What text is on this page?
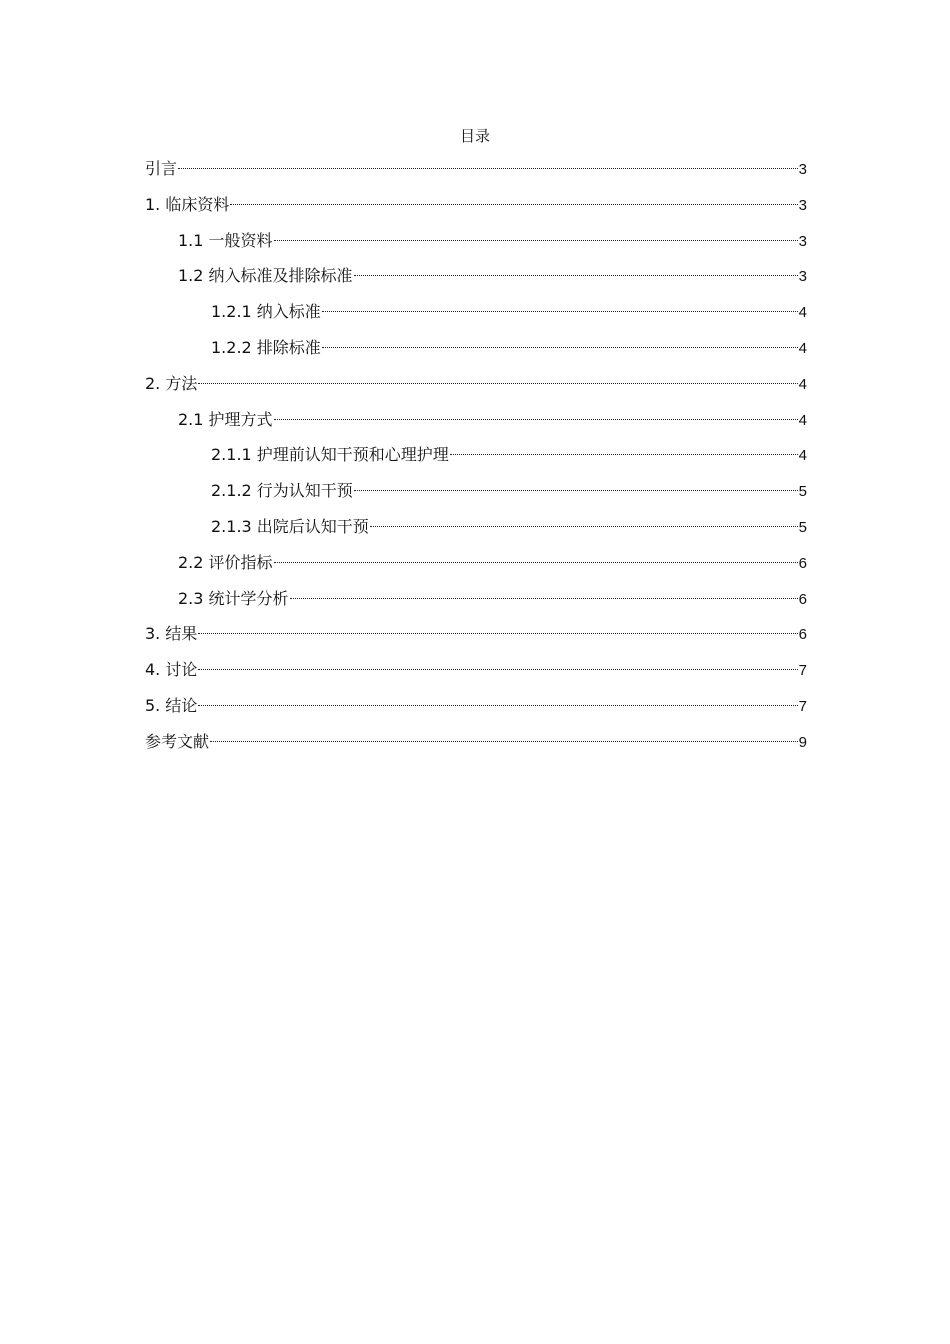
目录
引言	3
1. 临床资料	3
1.1 一般资料	3
1.2 纳入标准及排除标准	3
1.2.1 纳入标准	4
1.2.2 排除标准	4
2. 方法	4
2.1 护理方式	4
2.1.1 护理前认知干预和心理护理	4
2.1.2 行为认知干预	5
2.1.3 出院后认知干预	5
2.2 评价指标	6
2.3 统计学分析	6
3. 结果	6
4. 讨论	7
5. 结论	7
参考文献	9
